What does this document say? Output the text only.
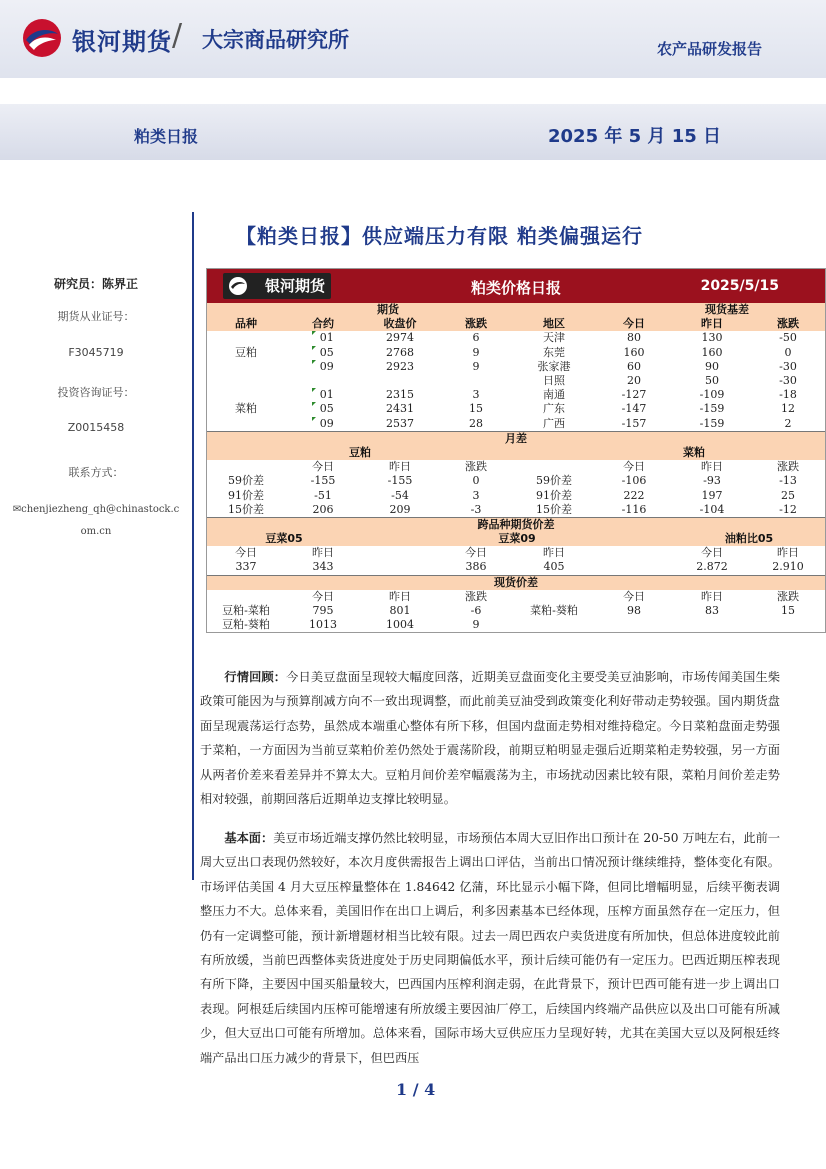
银河期货 / 大宗商品研究所	农产品研发报告
粕类日报	2025 年 5 月 15 日
【粕类日报】供应端压力有限 粕类偏强运行
研究员：陈界正
期货从业证号：
F3045719
投资咨询证号：
Z0015458
联系方式：
✉chenjiezheng_qh@chinastock.c
om.cn
银河期货	粕类价格日报	2025/5/15
		期货			现货基差		
品种	合约	收盘价	涨跌	地区	今日	昨日	涨跌
	01	2974	6	天津	80	130	-50
豆粕	05	2768	9	东莞	160	160	0
	09	2923	9	张家港	60	90	-30
				日照	20	50	-30
	01	2315	3	南通	-127	-109	-18
菜粕	05	2431	15	广东	-147	-159	12
	09	2537	28	广西	-157	-159	2
月差							
豆粕				菜粕			
	今日	昨日	涨跌		今日	昨日	涨跌
59价差	-155	-155	0	59价差	-106	-93	-13
91价差	-51	-54	3	91价差	222	197	25
15价差	206	209	-3	15价差	-116	-104	-12
跨品种期货价差							
豆菜05			豆菜09			油粕比05	
今日	昨日		今日	昨日		今日	昨日
337	343		386	405		2.872	2.910
现货价差							
	今日	昨日	涨跌		今日	昨日	涨跌
豆粕-菜粕	795	801	-6	菜粕-葵粕	98	83	15
豆粕-葵粕	1013	1004	9				

行情回顾：今日美豆盘面呈现较大幅度回落，近期美豆盘面变化主要受美豆油影响，市场传闻美国生柴政策可能因为与预算削减方向不一致出现调整，而此前美豆油受到政策变化利好带动走势较强。国内期货盘面呈现震荡运行态势，虽然成本端重心整体有所下移，但国内盘面走势相对维持稳定。今日菜粕盘面走势强于菜粕，一方面因为当前豆菜粕价差仍然处于震荡阶段，前期豆粕明显走强后近期菜粕走势较强，另一方面从两者价差来看差异并不算太大。豆粕月间价差窄幅震荡为主，市场扰动因素比较有限，菜粕月间价差走势相对较强，前期回落后近期单边支撑比较明显。

基本面：美豆市场近端支撑仍然比较明显，市场预估本周大豆旧作出口预计在 20-50 万吨左右，此前一周大豆出口表现仍然较好，本次月度供需报告上调出口评估，当前出口情况预计继续维持，整体变化有限。市场评估美国 4 月大豆压榨量整体在 1.84642 亿蒲，环比显示小幅下降，但同比增幅明显，后续平衡表调整压力不大。总体来看，美国旧作在出口上调后，利多因素基本已经体现，压榨方面虽然存在一定压力，但仍有一定调整可能，预计新增题材相当比较有限。过去一周巴西农户卖货进度有所加快，但总体进度较此前有所放缓，当前巴西整体卖货进度处于历史同期偏低水平，预计后续可能仍有一定压力。巴西近期压榨表现有所下降，主要因中国买船量较大，巴西国内压榨利润走弱，在此背景下，预计巴西可能有进一步上调出口表现。阿根廷后续国内压榨可能增速有所放缓主要因油厂停工，后续国内终端产品供应以及出口可能有所减少，但大豆出口可能有所增加。总体来看，国际市场大豆供应压力呈现好转，尤其在美国大豆以及阿根廷终端产品出口压力减少的背景下，但巴西压

1 / 4
